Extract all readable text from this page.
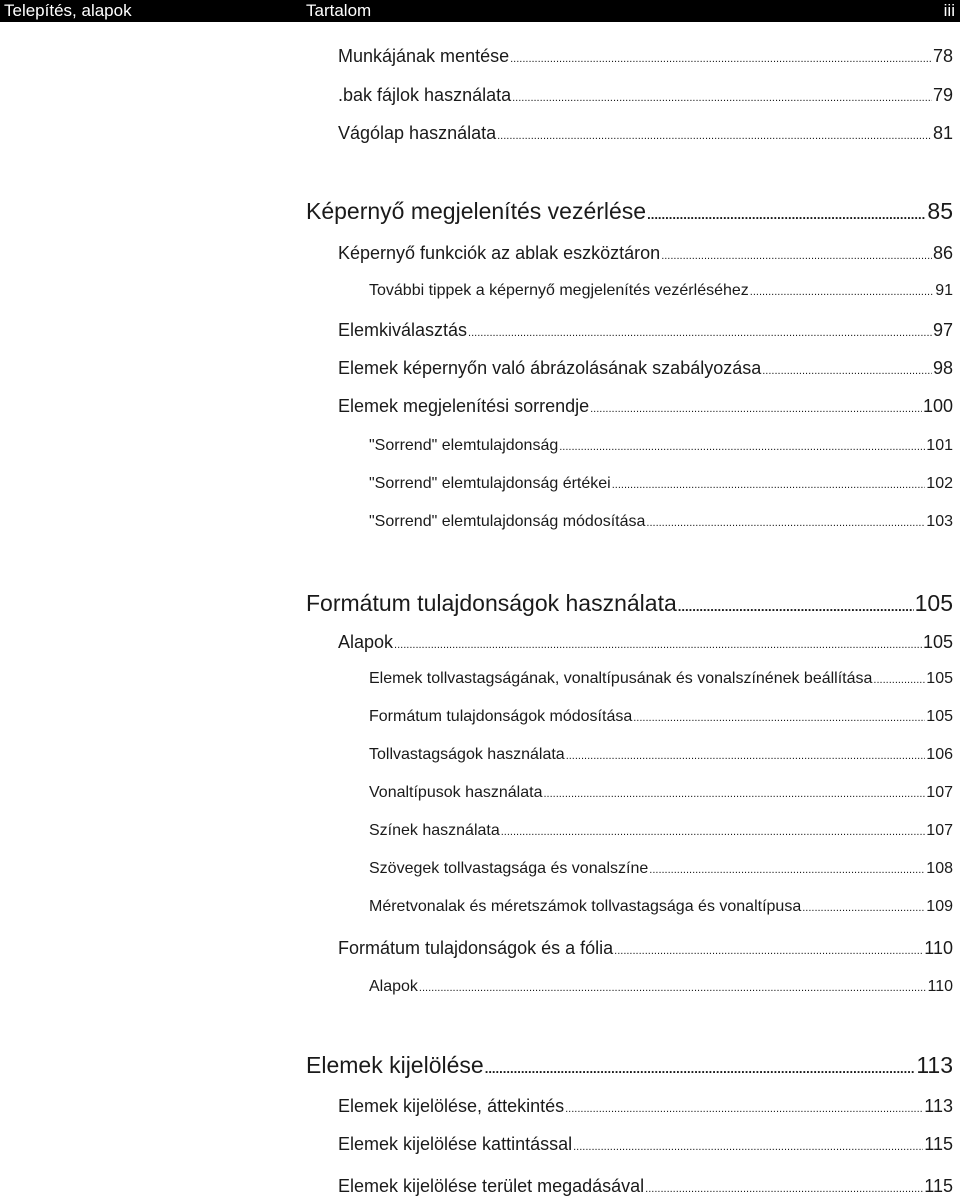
Telepítés, alapok	Tartalom	iii
Munkájának mentése .....	78
.bak fájlok használata .....	79
Vágólap használata .....	81
Képernyő megjelenítés vezérlése .....	85
Képernyő funkciók az ablak eszköztáron .....	86
További tippek a képernyő megjelenítés vezérléséhez .....	91
Elemkiválasztás .....	97
Elemek képernyőn való ábrázolásának szabályozása .....	98
Elemek megjelenítési sorrendje .....	100
"Sorrend" elemtulajdonság .....	101
"Sorrend" elemtulajdonság értékei .....	102
"Sorrend" elemtulajdonság módosítása .....	103
Formátum tulajdonságok használata .....	105
Alapok .....	105
Elemek tollvastagságának, vonaltípusának és vonalszínének beállítása .....	105
Formátum tulajdonságok módosítása .....	105
Tollvastagságok használata .....	106
Vonaltípusok használata .....	107
Színek használata .....	107
Szövegek tollvastagsága és vonalszíne .....	108
Méretvonalak és méretszámok tollvastagsága és vonaltípusa .....	109
Formátum tulajdonságok és a fólia .....	110
Alapok .....	110
Elemek kijelölése .....	113
Elemek kijelölése, áttekintés .....	113
Elemek kijelölése kattintással .....	115
Elemek kijelölése terület megadásával .....	115
